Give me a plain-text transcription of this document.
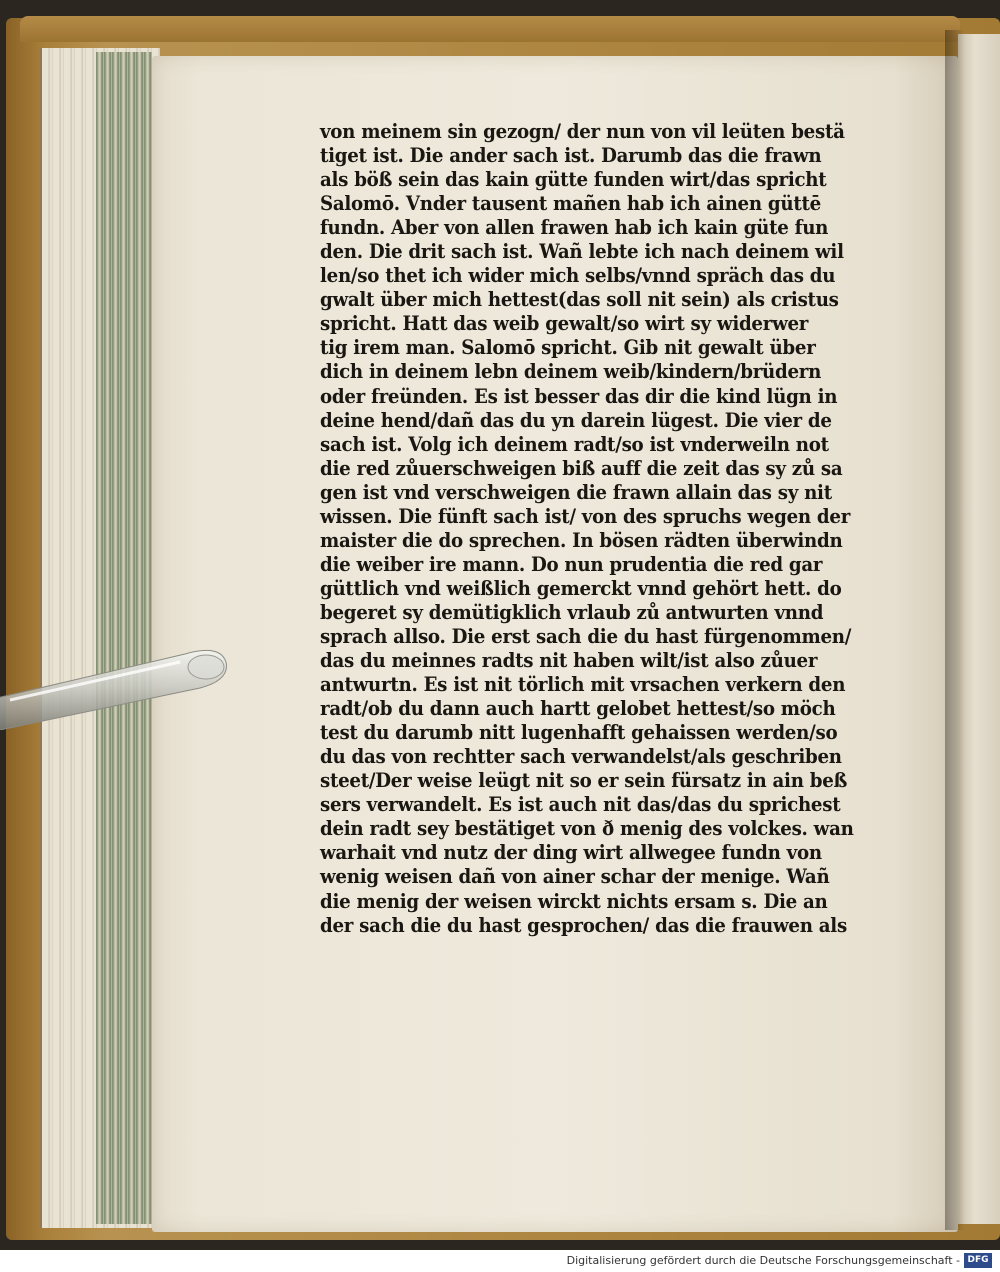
von meinem sin gezogn/ der nun von vil leüten bestä
tiget ist. Die ander sach ist. Darumb das die frawn
als böß sein das kain gütte funden wirt/das spricht
Salomō. Vnder tausent mañen hab ich ainen güttē
fundn. Aber von allen frawen hab ich kain güte fun
den. Die drit sach ist. Wañ lebte ich nach deinem wil
len/so thet ich wider mich selbs/vnnd spräch das du
gwalt über mich hettest(das soll nit sein) als cristus
spricht. Hatt das weib gewalt/so wirt sy widerwer
tig irem man. Salomō spricht. Gib nit gewalt über
dich in deinem lebn deinem weib/kindern/brüdern
oder freünden. Es ist besser das dir die kind lügn in
deine hend/dañ das du yn darein lügest. Die vier de
sach ist. Volg ich deinem radt/so ist vnderweiln not
die red zůuerschweigen biß auff die zeit das sy zů sa
gen ist vnd verschweigen die frawn allain das sy nit
wissen. Die fünft sach ist/ von des spruchs wegen der
maister die do sprechen. In bösen rädten überwindn
die weiber ire mann. Do nun prudentia die red gar
güttlich vnd weißlich gemerckt vnnd gehört hett. do
begeret sy demütigklich vrlaub zů antwurten vnnd
sprach allso. Die erst sach die du hast fürgenommen/
das du meinnes radts nit haben wilt/ist also zůuer
antwurtn. Es ist nit törlich mit vrsachen verkern den
radt/ob du dann auch hartt gelobet hettest/so möch
test du darumb nitt lugenhafft gehaissen werden/so
du das von rechtter sach verwandelst/als geschriben
steet/Der weise leügt nit so er sein fürsatz in ain beß
sers verwandelt. Es ist auch nit das/das du sprichest
dein radt sey bestätiget von ð menig des volckes. wan
warhait vnd nutz der ding wirt allwegee fundn von
wenig weisen dañ von ainer schar der menige. Wañ
die menig der weisen wirckt nichts ersam s. Die an
der sach die du hast gesprochen/ das die frauwen als
Digitalisierung gefördert durch die Deutsche Forschungsgemeinschaft - DFG
